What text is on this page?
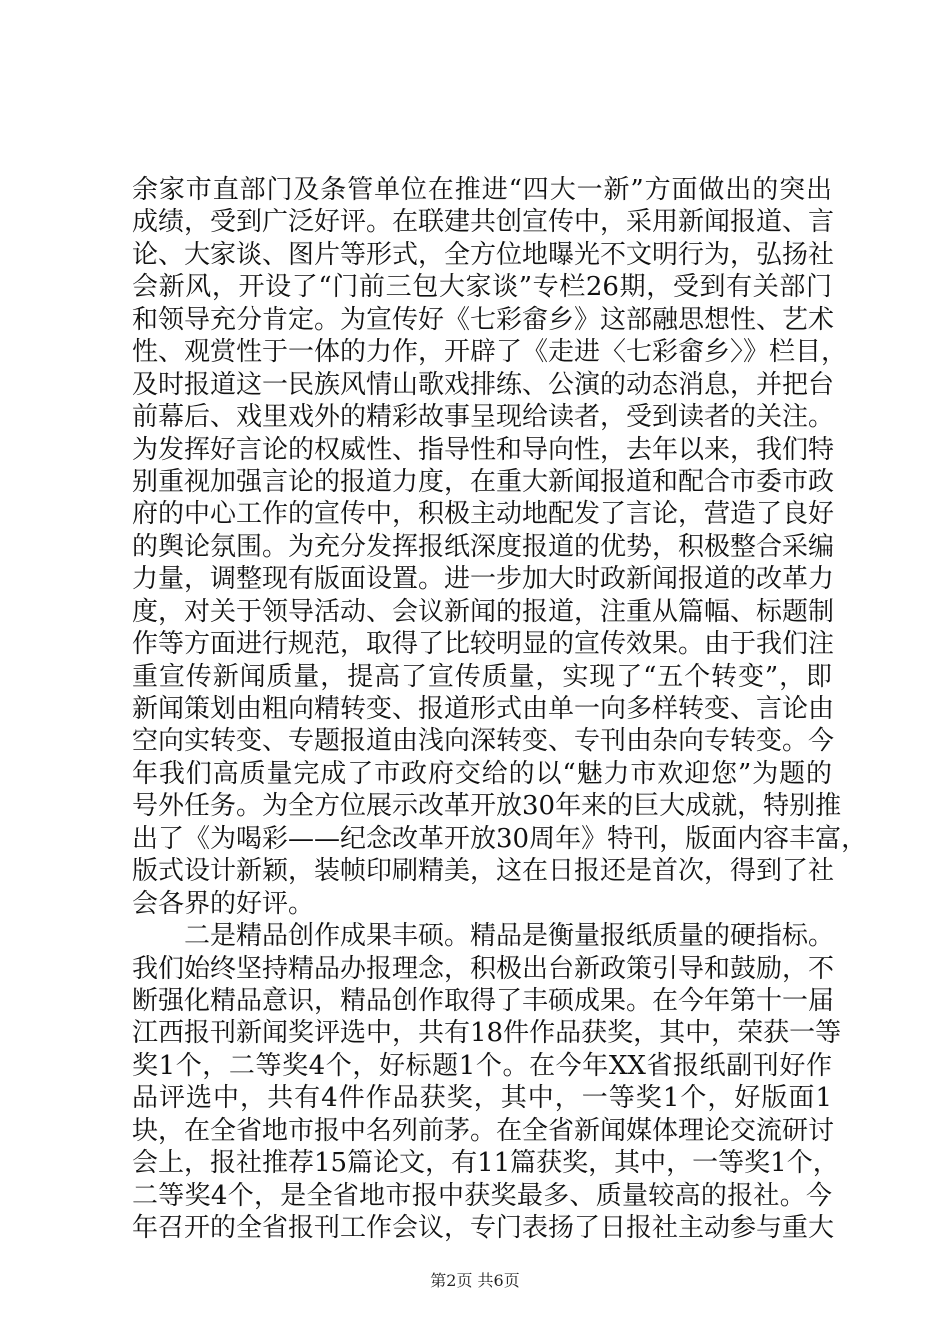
余家市直部门及条管单位在推进“四大一新”方面做出的突出
成绩，受到广泛好评。在联建共创宣传中，采用新闻报道、言
论、大家谈、图片等形式，全方位地曝光不文明行为，弘扬社
会新风，开设了“门前三包大家谈”专栏26期，受到有关部门
和领导充分肯定。为宣传好《七彩畲乡》这部融思想性、艺术
性、观赏性于一体的力作，开辟了《走进〈七彩畲乡〉》栏目，
及时报道这一民族风情山歌戏排练、公演的动态消息，并把台
前幕后、戏里戏外的精彩故事呈现给读者，受到读者的关注。
为发挥好言论的权威性、指导性和导向性，去年以来，我们特
别重视加强言论的报道力度，在重大新闻报道和配合市委市政
府的中心工作的宣传中，积极主动地配发了言论，营造了良好
的舆论氛围。为充分发挥报纸深度报道的优势，积极整合采编
力量，调整现有版面设置。进一步加大时政新闻报道的改革力
度，对关于领导活动、会议新闻的报道，注重从篇幅、标题制
作等方面进行规范，取得了比较明显的宣传效果。由于我们注
重宣传新闻质量，提高了宣传质量，实现了“五个转变”，即
新闻策划由粗向精转变、报道形式由单一向多样转变、言论由
空向实转变、专题报道由浅向深转变、专刊由杂向专转变。今
年我们高质量完成了市政府交给的以“魅力市欢迎您”为题的
号外任务。为全方位展示改革开放30年来的巨大成就，特别推
出了《为喝彩——纪念改革开放30周年》特刊，版面内容丰富，
版式设计新颖，装帧印刷精美，这在日报还是首次，得到了社
会各界的好评。
　　二是精品创作成果丰硕。精品是衡量报纸质量的硬指标。
我们始终坚持精品办报理念，积极出台新政策引导和鼓励，不
断强化精品意识，精品创作取得了丰硕成果。在今年第十一届
江西报刊新闻奖评选中，共有18件作品获奖，其中，荣获一等
奖1个，二等奖4个，好标题1个。在今年XX省报纸副刊好作
品评选中，共有4件作品获奖，其中，一等奖1个，好版面1
块，在全省地市报中名列前茅。在全省新闻媒体理论交流研讨
会上，报社推荐15篇论文，有11篇获奖，其中，一等奖1个，
二等奖4个，是全省地市报中获奖最多、质量较高的报社。今
年召开的全省报刊工作会议，专门表扬了日报社主动参与重大
第2页 共6页
